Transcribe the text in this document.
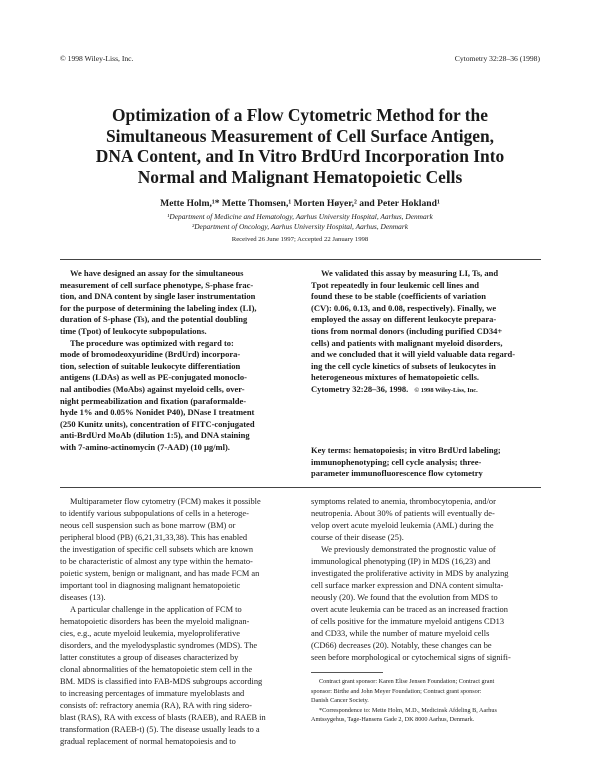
© 1998 Wiley-Liss, Inc.	Cytometry 32:28–36 (1998)
Optimization of a Flow Cytometric Method for the
Simultaneous Measurement of Cell Surface Antigen,
DNA Content, and In Vitro BrdUrd Incorporation Into
Normal and Malignant Hematopoietic Cells
Mette Holm,¹* Mette Thomsen,¹ Morten Høyer,² and Peter Hokland¹
¹Department of Medicine and Hematology, Aarhus University Hospital, Aarhus, Denmark
²Department of Oncology, Aarhus University Hospital, Aarhus, Denmark
Received 26 June 1997; Accepted 22 January 1998
We have designed an assay for the simultaneous
measurement of cell surface phenotype, S-phase frac-
tion, and DNA content by single laser instrumentation
for the purpose of determining the labeling index (LI),
duration of S-phase (Ts), and the potential doubling
time (Tpot) of leukocyte subpopulations.
The procedure was optimized with regard to:
mode of bromodeoxyuridine (BrdUrd) incorpora-
tion, selection of suitable leukocyte differentiation
antigens (LDAs) as well as PE-conjugated monoclo-
nal antibodies (MoAbs) against myeloid cells, over-
night permeabilization and fixation (paraformalde-
hyde 1% and 0.05% Nonidet P40), DNase I treatment
(250 Kunitz units), concentration of FITC-conjugated
anti-BrdUrd MoAb (dilution 1:5), and DNA staining
with 7-amino-actinomycin (7-AAD) (10 µg/ml).
We validated this assay by measuring LI, Ts, and
Tpot repeatedly in four leukemic cell lines and
found these to be stable (coefficients of variation
(CV): 0.06, 0.13, and 0.08, respectively). Finally, we
employed the assay on different leukocyte prepara-
tions from normal donors (including purified CD34+
cells) and patients with malignant myeloid disorders,
and we concluded that it will yield valuable data regard-
ing the cell cycle kinetics of subsets of leukocytes in
heterogeneous mixtures of hematopoietic cells.
Cytometry 32:28–36, 1998. © 1998 Wiley-Liss, Inc.
Key terms: hematopoiesis; in vitro BrdUrd labeling;
immunophenotyping; cell cycle analysis; three-
parameter immunofluorescence flow cytometry
Multiparameter flow cytometry (FCM) makes it possible
to identify various subpopulations of cells in a heteroge-
neous cell suspension such as bone marrow (BM) or
peripheral blood (PB) (6,21,31,33,38). This has enabled
the investigation of specific cell subsets which are known
to be characteristic of almost any type within the hemato-
poietic system, benign or malignant, and has made FCM an
important tool in diagnosing malignant hematopoietic
diseases (13).
A particular challenge in the application of FCM to
hematopoietic disorders has been the myeloid malignan-
cies, e.g., acute myeloid leukemia, myeloproliferative
disorders, and the myelodysplastic syndromes (MDS). The
latter constitutes a group of diseases characterized by
clonal abnormalities of the hematopoietic stem cell in the
BM. MDS is classified into FAB-MDS subgroups according
to increasing percentages of immature myeloblasts and
consists of: refractory anemia (RA), RA with ring sidero-
blast (RAS), RA with excess of blasts (RAEB), and RAEB in
transformation (RAEB-t) (5). The disease usually leads to a
gradual replacement of normal hematopoiesis and to
symptoms related to anemia, thrombocytopenia, and/or
neutropenia. About 30% of patients will eventually de-
velop overt acute myeloid leukemia (AML) during the
course of their disease (25).
We previously demonstrated the prognostic value of
immunological phenotyping (IP) in MDS (16,23) and
investigated the proliferative activity in MDS by analyzing
cell surface marker expression and DNA content simulta-
neously (20). We found that the evolution from MDS to
overt acute leukemia can be traced as an increased fraction
of cells positive for the immature myeloid antigens CD13
and CD33, while the number of mature myeloid cells
(CD66) decreases (20). Notably, these changes can be
seen before morphological or cytochemical signs of signifi-
Contract grant sponsor: Karen Elise Jensen Foundation; Contract grant
sponsor: Birthe and John Meyer Foundation; Contract grant sponsor:
Danish Cancer Society.
*Correspondence to: Mette Holm, M.D., Medicinsk Afdeling B, Aarhus
Amtssygehus, Tage-Hansens Gade 2, DK 8000 Aarhus, Denmark.
